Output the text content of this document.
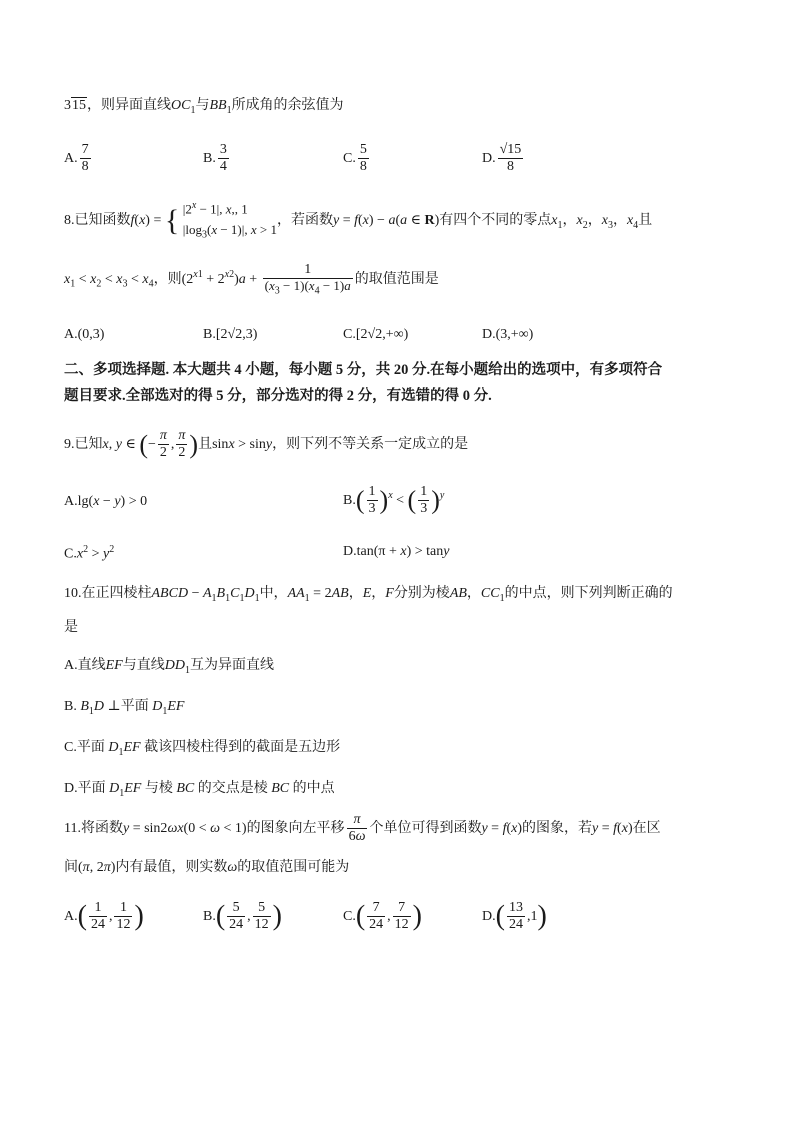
315，则异面直线$OC_1$与$BB_1$所成角的余弦值为
A. $\frac{7}{8}$	B. $\frac{3}{4}$	C. $\frac{5}{8}$	D. $\frac{√15}{8}$
8.已知函数f(x) = { $|2^x - 1|$, x,, 1
$|\log_3(x - 1)|$, x > 1
，若函数y = f(x) − a(a ∈ R)有四个不同的零点$x_1$，$x_2$，$x_3$，$x_4$且
$x_1 < x_2 < x_3 < x_4$，则$(2^{x1} + 2^{x2})a + \frac{1}{(x_3 - 1)(x_4 - 1)a}$ 的取值范围是
A.(0,3)	B.[2√2,3)	C.[2√2,+∞)	D.(3,+∞)
二、多项选择题. 本大题共 4 小题，每小题 5 分，共 20 分.在每小题给出的选项中，有多项符合
题目要求.全部选对的得 5 分，部分选对的得 2 分，有选错的得 0 分.
9.已知x, y ∈ (− $\frac{\pi}{2}$ , $\frac{\pi}{2}$ )且sinx > siny，则下列不等关系一定成立的是
A.lg(x − y) > 0	$B.( \frac{1}{3} )^x$ < ( $\frac{1}{3} )^y$
$C.x^2 > y^2$	D.tan(π + x) > tany
10.在正四棱柱ABCD − $A_1B_1C_1D_1$中，$AA_1 = 2AB$，E，F分别为棱AB，$CC_1$的中点，则下列判断正确的
是
A.直线EF与直线$DD_1$互为异面直线
B. $B_1D$ ⊥平面 $D_1EF$
C.平面 $D_1EF$ 截该四棱柱得到的截面是五边形
D.平面 $D_1EF$ 与棱 BC 的交点是棱 BC 的中点
11.将函数y = sin2ωx(0 < ω < 1)的图象向左平移 $\frac{\pi}{6\omega}$ 个单位可得到函数y = f(x)的图象，若y = f(x)在区
间(π, 2π)内有最值，则实数ω的取值范围可能为
$A.( \frac{1}{24}$ , $\frac{1}{12}$ )	$B.( \frac{5}{24}$ , $\frac{5}{12}$ )	$C.( \frac{7}{24}$ , $\frac{7}{12}$ )	$D.( \frac{13}{24} ,1)$
